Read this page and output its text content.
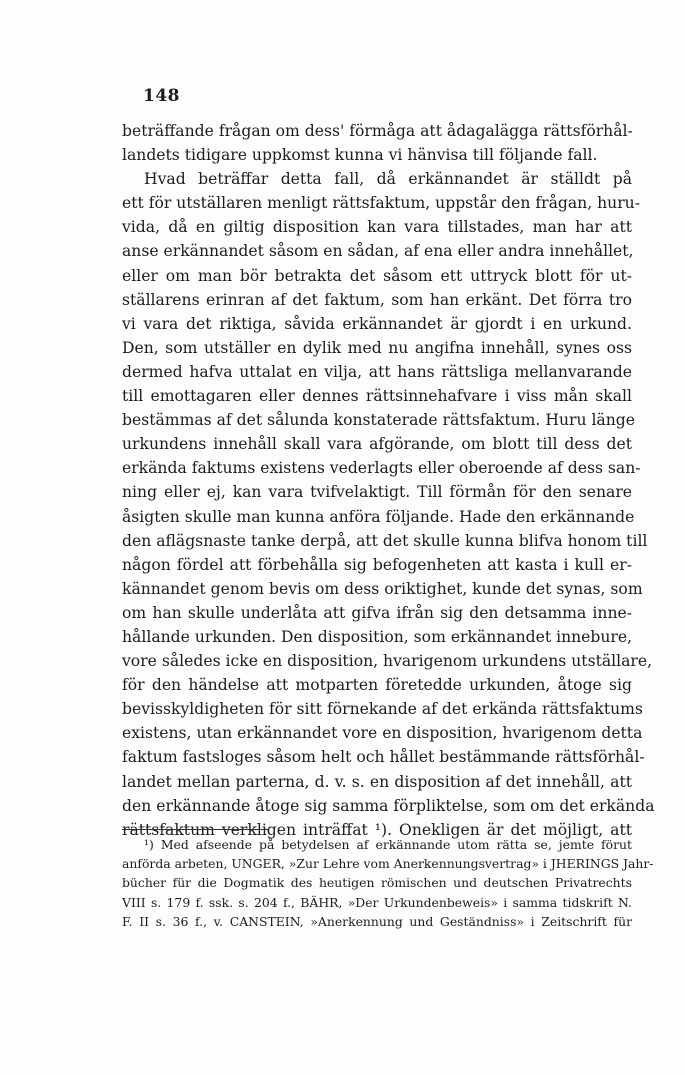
148
beträffande frågan om dess' förmåga att ådagalägga rättsförhål-
landets tidigare uppkomst kunna vi hänvisa till följande fall.
Hvad beträffar detta fall, då erkännandet är ställdt på
ett för utställaren menligt rättsfaktum, uppstår den frågan, huru-
vida, då en giltig disposition kan vara tillstades, man har att
anse erkännandet såsom en sådan, af ena eller andra innehållet,
eller om man bör betrakta det såsom ett uttryck blott för ut-
ställarens erinran af det faktum, som han erkänt. Det förra tro
vi vara det riktiga, såvida erkännandet är gjordt i en urkund.
Den, som utställer en dylik med nu angifna innehåll, synes oss
dermed hafva uttalat en vilja, att hans rättsliga mellanvarande
till emottagaren eller dennes rättsinnehafvare i viss mån skall
bestämmas af det sålunda konstaterade rättsfaktum. Huru länge
urkundens innehåll skall vara afgörande, om blott till dess det
erkända faktums existens vederlagts eller oberoende af dess san-
ning eller ej, kan vara tvifvelaktigt. Till förmån för den senare
åsigten skulle man kunna anföra följande. Hade den erkännande
den aflägsnaste tanke derpå, att det skulle kunna blifva honom till
någon fördel att förbehålla sig befogenheten att kasta i kull er-
kännandet genom bevis om dess oriktighet, kunde det synas, som
om han skulle underlåta att gifva ifrån sig den detsamma inne-
hållande urkunden. Den disposition, som erkännandet innebure,
vore således icke en disposition, hvarigenom urkundens utställare,
för den händelse att motparten företedde urkunden, åtoge sig
bevisskyldigheten för sitt förnekande af det erkända rättsfaktums
existens, utan erkännandet vore en disposition, hvarigenom detta
faktum fastsloges såsom helt och hållet bestämmande rättsförhål-
landet mellan parterna, d. v. s. en disposition af det innehåll, att
den erkännande åtoge sig samma förpliktelse, som om det erkända
rättsfaktum verkligen inträffat ¹). Onekligen är det möjligt, att
¹) Med afseende på betydelsen af erkännande utom rätta se, jemte förut
anförda arbeten, UNGER, »Zur Lehre vom Anerkennungsvertrag» i JHERINGS Jahr-
bücher für die Dogmatik des heutigen römischen und deutschen Privatrechts
VIII s. 179 f. ssk. s. 204 f., BÄHR, »Der Urkundenbeweis» i samma tidskrift N.
F. II s. 36 f., v. CANSTEIN, »Anerkennung und Geständniss» i Zeitschrift für
